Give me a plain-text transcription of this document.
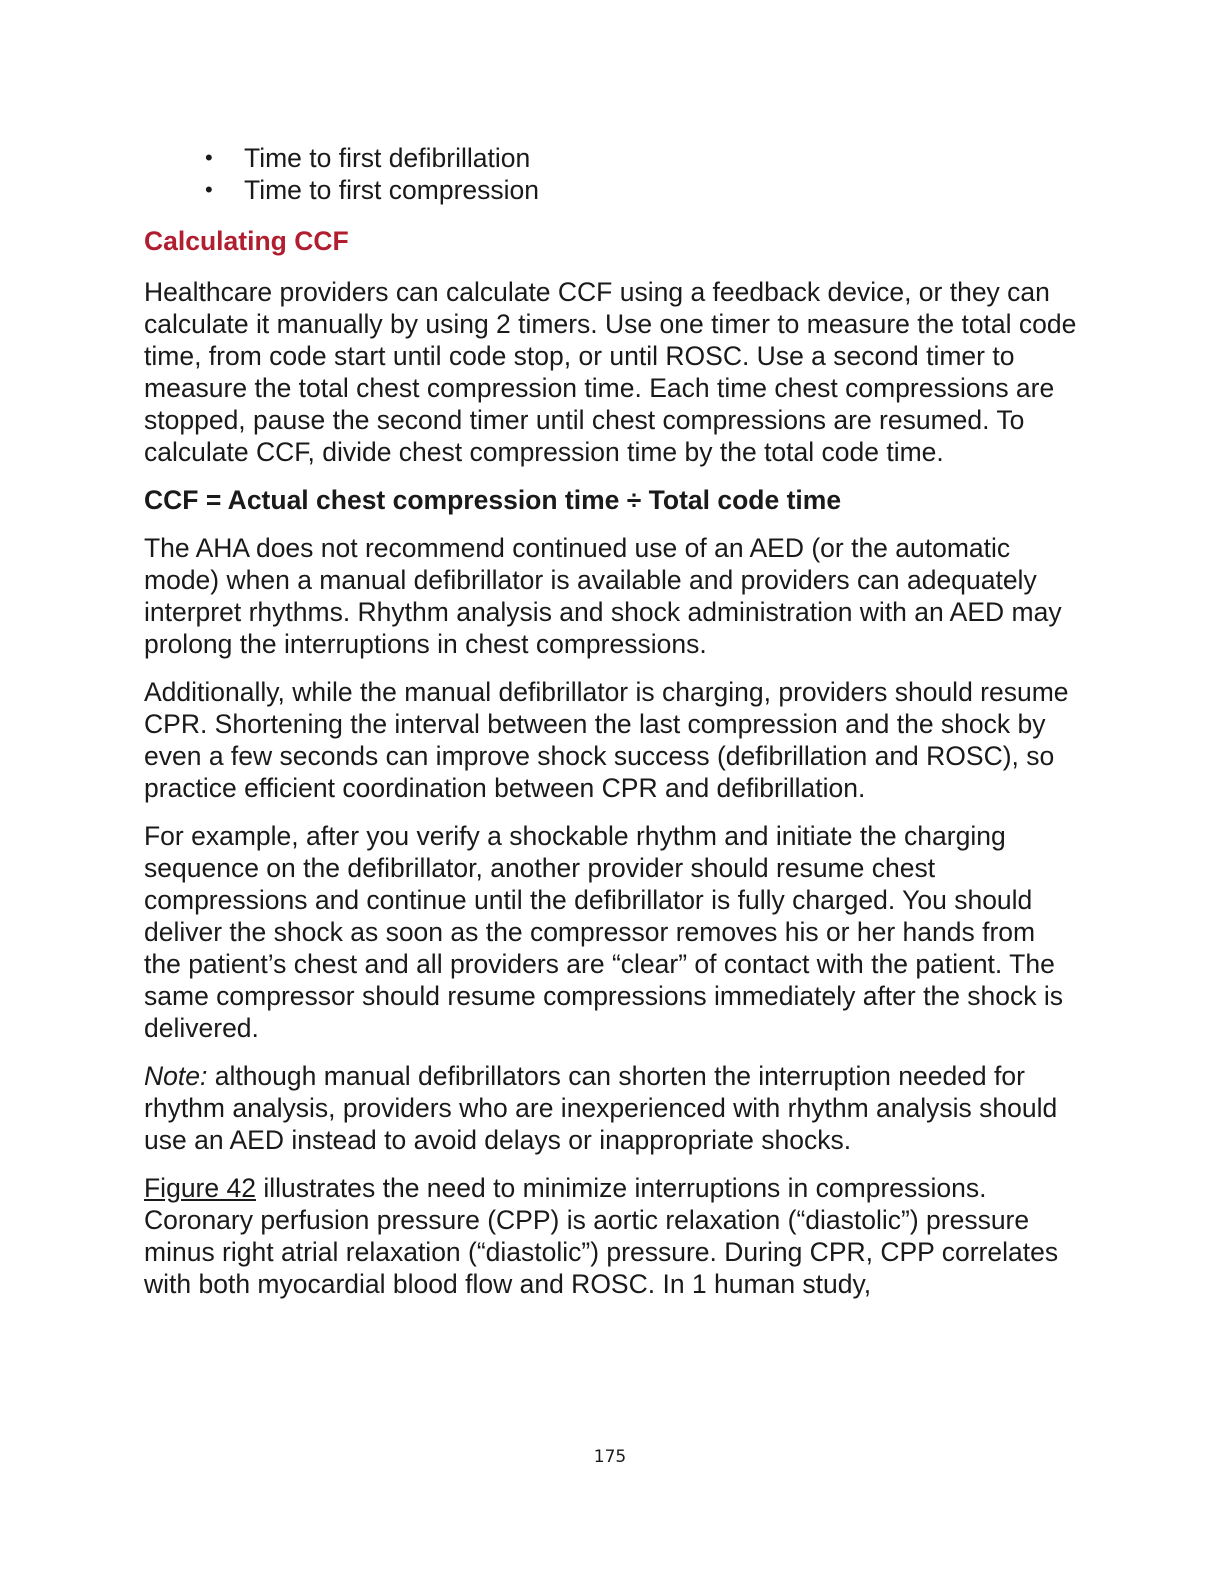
• Time to first defibrillation
• Time to first compression
Calculating CCF

Healthcare providers can calculate CCF using a feedback device, or they can calculate it manually by using 2 timers. Use one timer to measure the total code time, from code start until code stop, or until ROSC. Use a second timer to measure the total chest compression time. Each time chest compressions are stopped, pause the second timer until chest compressions are resumed. To calculate CCF, divide chest compression time by the total code time.

CCF = Actual chest compression time ÷ Total code time

The AHA does not recommend continued use of an AED (or the automatic mode) when a manual defibrillator is available and providers can adequately interpret rhythms. Rhythm analysis and shock administration with an AED may prolong the interruptions in chest compressions.

Additionally, while the manual defibrillator is charging, providers should resume CPR. Shortening the interval between the last compression and the shock by even a few seconds can improve shock success (defibrillation and ROSC), so practice efficient coordination between CPR and defibrillation.

For example, after you verify a shockable rhythm and initiate the charging sequence on the defibrillator, another provider should resume chest compressions and continue until the defibrillator is fully charged. You should deliver the shock as soon as the compressor removes his or her hands from the patient’s chest and all providers are “clear” of contact with the patient. The same compressor should resume compressions immediately after the shock is delivered.

Note: although manual defibrillators can shorten the interruption needed for rhythm analysis, providers who are inexperienced with rhythm analysis should use an AED instead to avoid delays or inappropriate shocks.

Figure 42 illustrates the need to minimize interruptions in compressions. Coronary perfusion pressure (CPP) is aortic relaxation (“diastolic”) pressure minus right atrial relaxation (“diastolic”) pressure. During CPR, CPP correlates with both myocardial blood flow and ROSC. In 1 human study,

175
